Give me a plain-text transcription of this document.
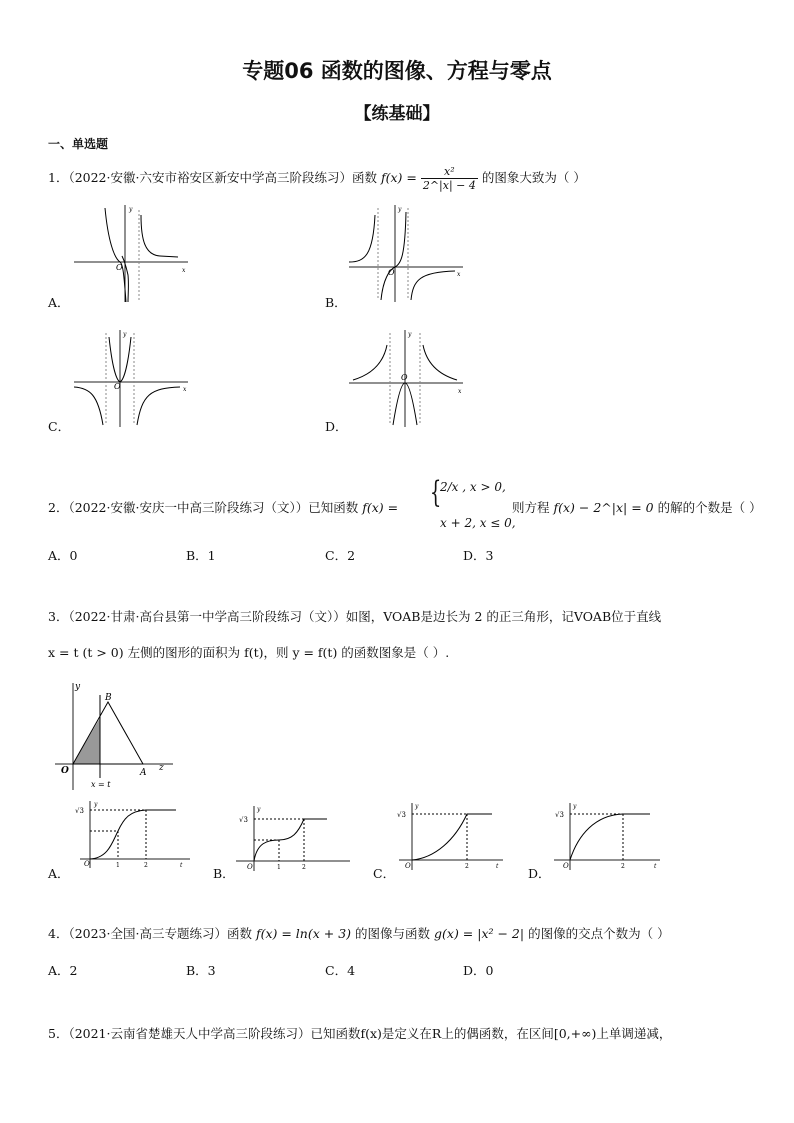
专题06 函数的图像、方程与零点
【练基础】
一、单选题
1．（2022·安徽·六安市裕安区新安中学高三阶段练习）函数 $f(x) = \frac{\text{x²}}{2\^{}|x| - 4}$ 的图象大致为（ ）
x
y
O
A．
x
y
O
B．
x
y
O
C．
x
y
O
D．
2．（2022·安徽·安庆一中高三阶段练习（文））已知函数 f(x) = {
2/x , x > 0,
x + 2, x ≤ 0,
则方程 f(x) − 2^|x| = 0 的解的个数是（ ）
A．0	B．1	C．2	D．3
3．（2022·甘肃·高台县第一中学高三阶段练习（文））如图，VOAB是边长为 2 的正三角形，记VOAB位于直线
x = t (t > 0) 左侧的图形的面积为 f(t)，则 y = f(t) 的函数图象是（ ）.
O
B
A z
y
x = t
√3
y
O	1	2	t
A．
√3
y
O	1	2
B．
√3
y
O	2	t
C．
√3
y
O	2	t
D．
4．（2023·全国·高三专题练习）函数 f(x) = ln(x + 3) 的图像与函数 g(x) = |x² − 2| 的图像的交点个数为（ ）
A．2	B．3	C．4	D．0
5．（2021·云南省楚雄天人中学高三阶段练习）已知函数f(x)是定义在R上的偶函数，在区间[0,+∞)上单调递减，
